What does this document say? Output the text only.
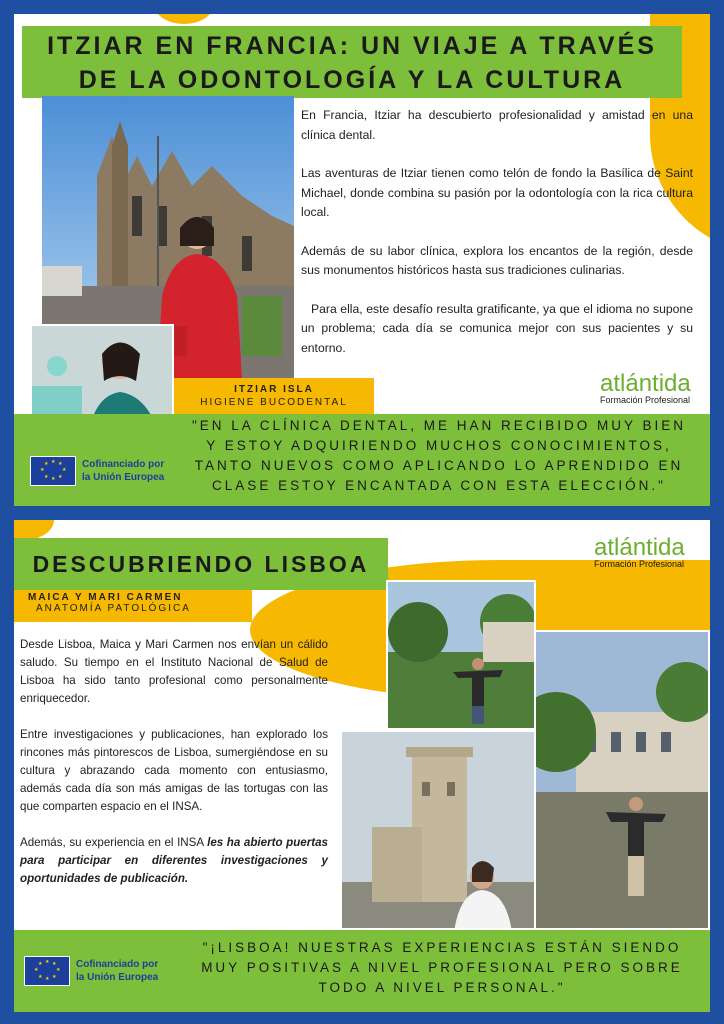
ITZIAR EN FRANCIA: UN VIAJE A TRAVÉS
DE LA ODONTOLOGÍA Y LA CULTURA

En Francia, Itziar ha descubierto profesionalidad y amistad en una clínica dental.

Las aventuras de Itziar tienen como telón de fondo la Basílica de Saint Michael, donde combina su pasión por la odontología con la rica cultura local.

Además de su labor clínica, explora los encantos de la región, desde sus monumentos históricos hasta sus tradiciones culinarias.

Para ella, este desafío resulta gratificante, ya que el idioma no supone un problema; cada día se comunica mejor con sus pacientes y su entorno.

ITZIAR ISLA
HIGIENE BUCODENTAL
atlántida
Formación Profesional
★ ★
★
★
★
★
★
★	Cofinanciado por
la Unión Europea
"EN LA CLÍNICA DENTAL, ME HAN RECIBIDO MUY BIEN
Y ESTOY ADQUIRIENDO MUCHOS CONOCIMIENTOS,
TANTO NUEVOS COMO APLICANDO LO APRENDIDO EN
CLASE ESTOY ENCANTADA CON ESTA ELECCIÓN."
DESCUBRIENDO LISBOA
MAICA Y MARI CARMEN
ANATOMÍA PATOLÓGICA
atlántida
Formación Profesional

Desde Lisboa, Maica y Mari Carmen nos envían un cálido saludo. Su tiempo en el Instituto Nacional de Salud de Lisboa ha sido tanto profesional como personalmente enriquecedor.

Entre investigaciones y publicaciones, han explorado los rincones más pintorescos de Lisboa, sumergiéndose en su cultura y abrazando cada momento con entusiasmo, además cada día son más amigas de las tortugas con las que comparten espacio en el INSA.

Además, su experiencia en el INSA les ha abierto puertas para participar en diferentes investigaciones y oportunidades de publicación.

★ ★
★
★
★
★
★
★	Cofinanciado por
la Unión Europea
"¡LISBOA! NUESTRAS EXPERIENCIAS ESTÁN SIENDO
MUY POSITIVAS A NIVEL PROFESIONAL PERO SOBRE
TODO A NIVEL PERSONAL."
